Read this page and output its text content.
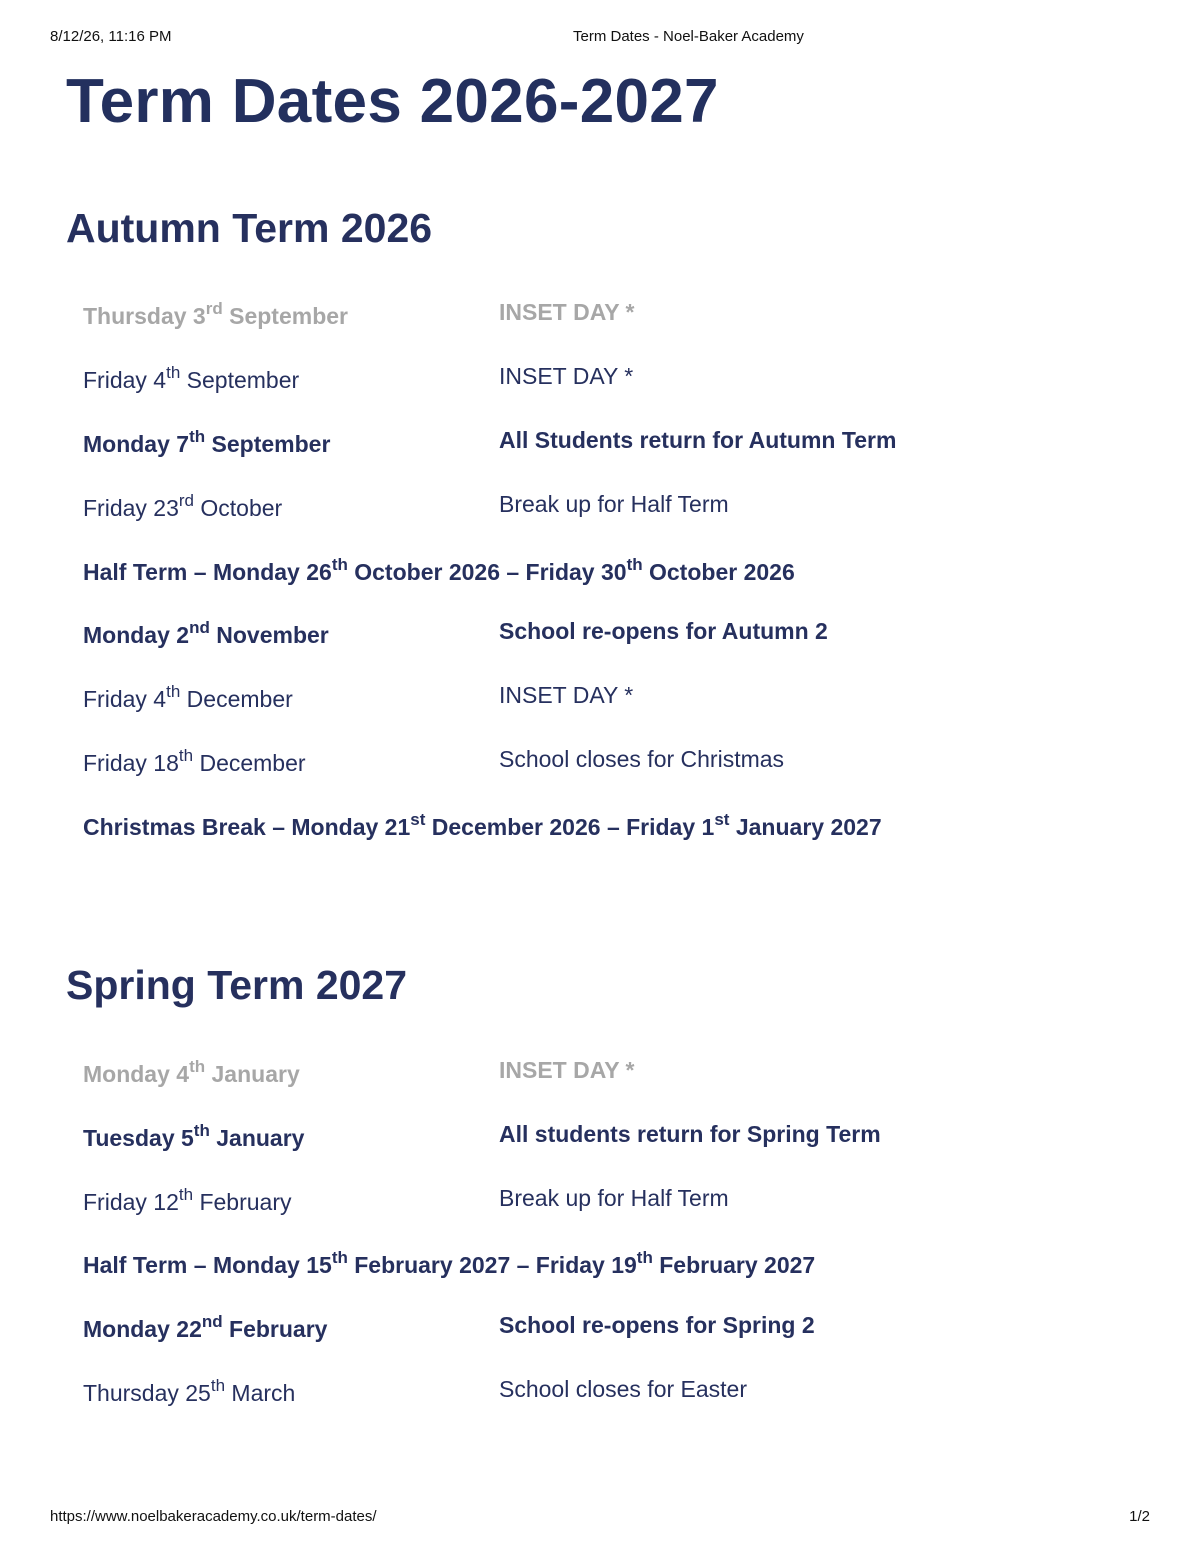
8/12/26, 11:16 PM	Term Dates - Noel-Baker Academy
Term Dates 2026-2027
Autumn Term 2026
Thursday 3rd September	INSET DAY *
Friday 4th September	INSET DAY *
Monday 7th September	All Students return for Autumn Term
Friday 23rd October	Break up for Half Term
Half Term – Monday 26th October 2026 – Friday 30th October 2026
Monday 2nd November	School re-opens for Autumn 2
Friday 4th December	INSET DAY *
Friday 18th December	School closes for Christmas
Christmas Break – Monday 21st December 2026 – Friday 1st January 2027
Spring Term 2027
Monday 4th January	INSET DAY *
Tuesday 5th January	All students return for Spring Term
Friday 12th February	Break up for Half Term
Half Term – Monday 15th February 2027 – Friday 19th February 2027
Monday 22nd February	School re-opens for Spring 2
Thursday 25th March	School closes for Easter
https://www.noelbakeracademy.co.uk/term-dates/	1/2
